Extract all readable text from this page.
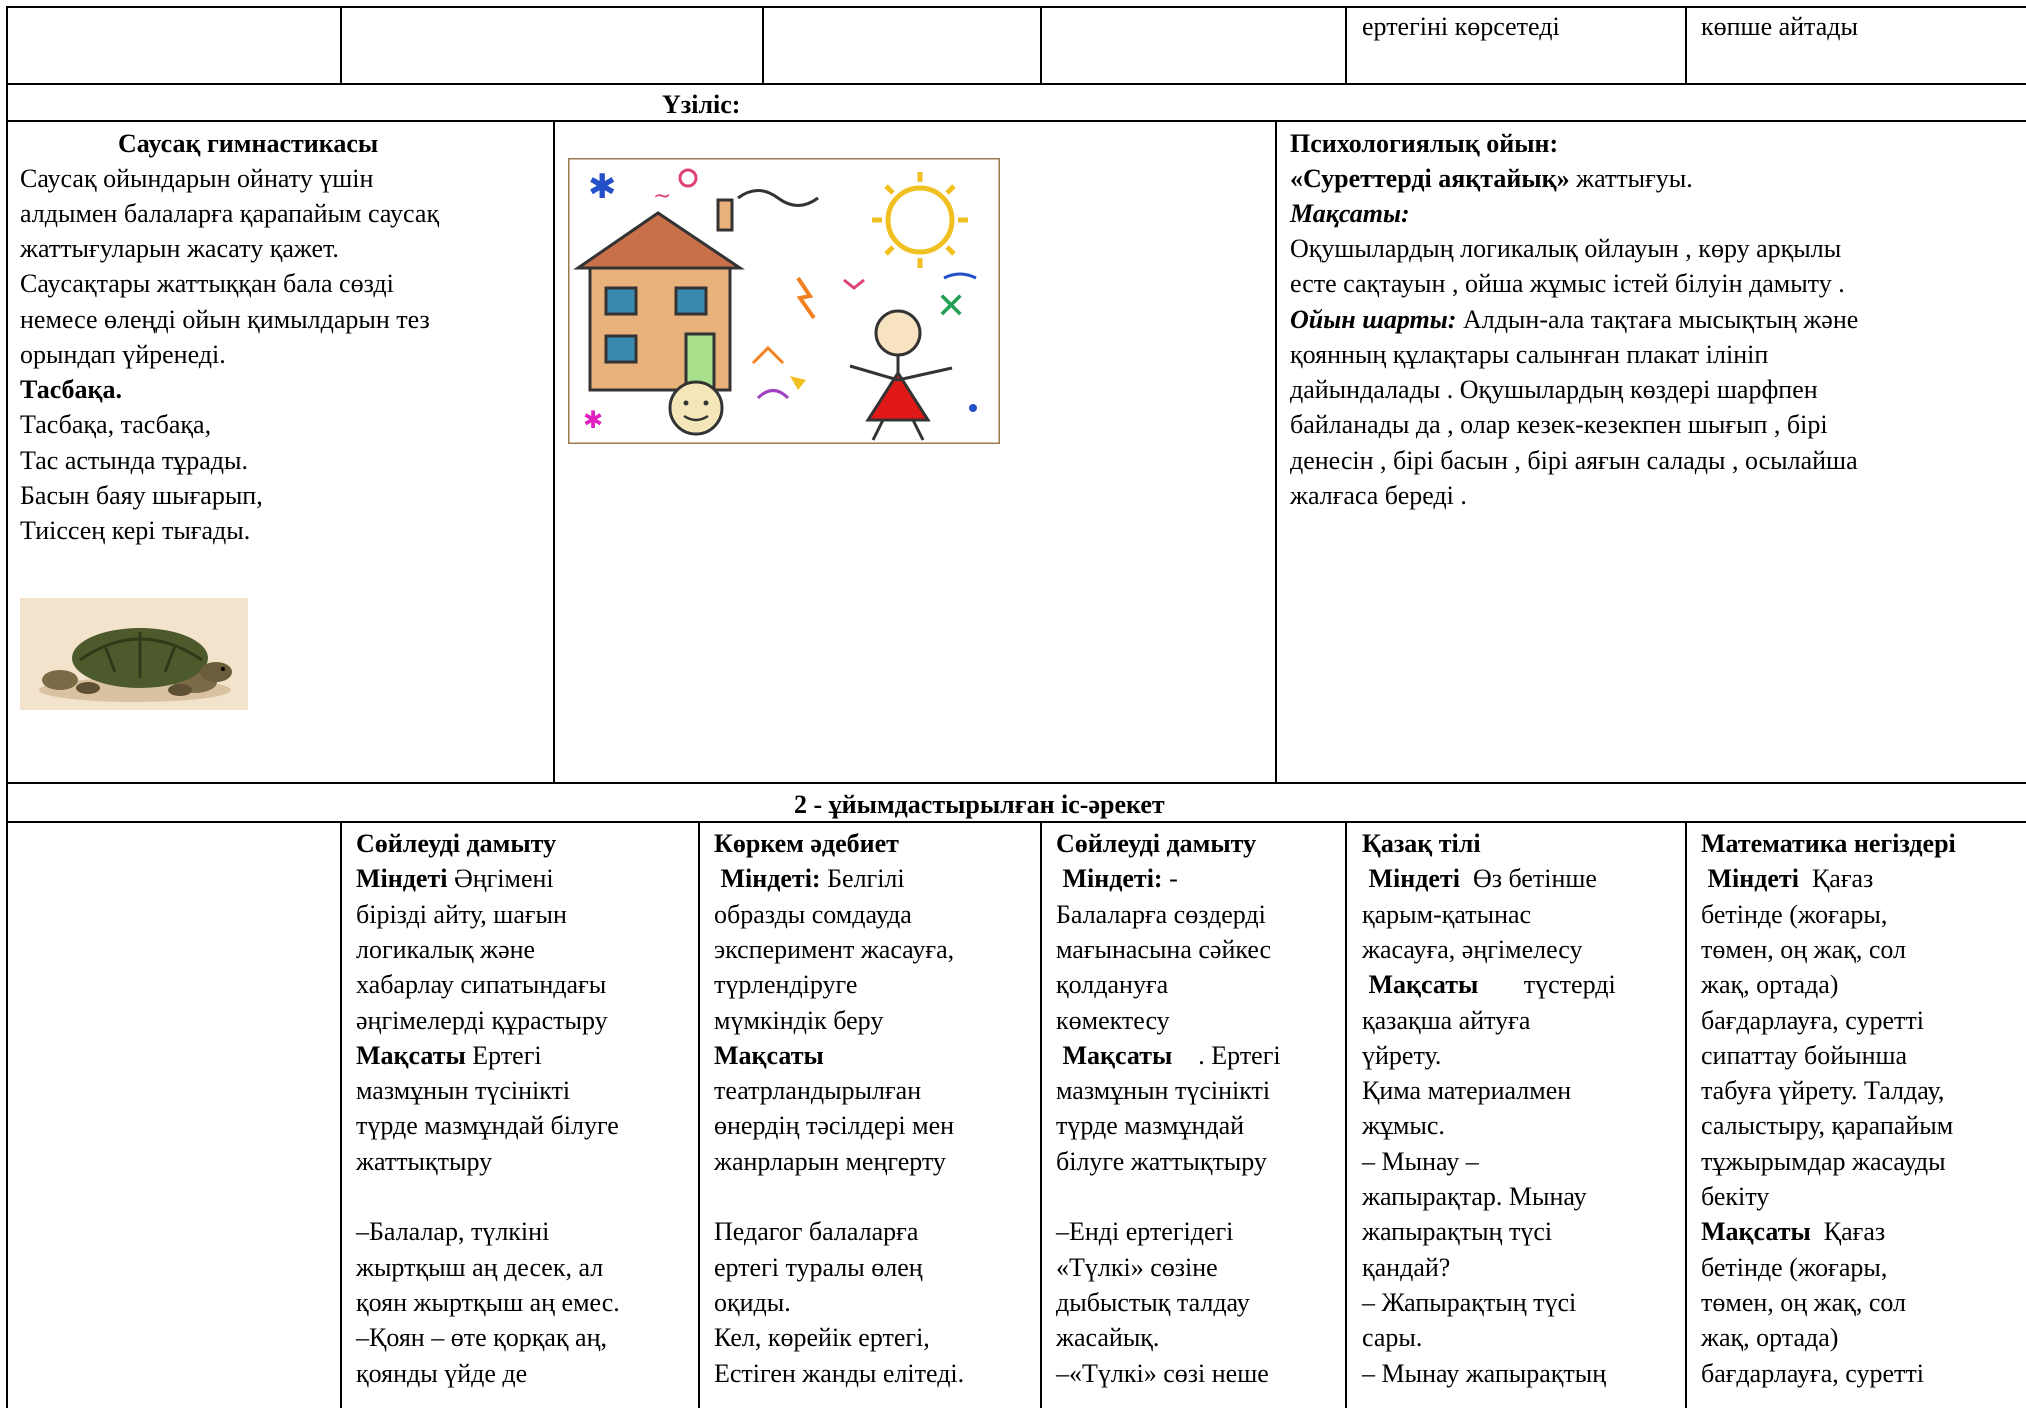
ертегіні көрсетеді	көпше айтады
Үзіліс:
Саусақ гимнастикасы
Саусақ ойындарын ойнату үшін
алдымен балаларға қарапайым саусақ
жаттығуларын жасату қажет.
Саусақтары жаттыққан бала сөзді
немесе өлеңді ойын қимылдарын тез
орындап үйренеді.
Тасбақа.
Тасбақа, тасбақа,
Тас астында тұрады.
Басын баяу шығарып,
Тиіссең кері тығады.
✱ ~
✕
✱
Психологиялық ойын:
«Суреттерді аяқтайық» жаттығуы.
Мақсаты:
Оқушылардың логикалық ойлауын , көру арқылы
есте сақтауын , ойша жұмыс істей білуін дамыту .
Ойын шарты: Алдын-ала тақтаға мысықтың және
қоянның құлақтары салынған плакат ілініп
дайындалады . Оқушылардың көздері шарфпен
байланады да , олар кезек-кезекпен шығып , бірі
денесін , бірі басын , бірі аяғын салады , осылайша
жалғаса береді .
2 - ұйымдастырылған іс-әрекет
Сөйлеуді дамыту
Міндеті Әңгімені
бірізді айту, шағын
логикалық және
хабарлау сипатындағы
әңгімелерді құрастыру
Мақсаты Ертегі
мазмұнын түсінікті
түрде мазмұндай білуге
жаттықтыру
–Балалар, түлкіні
жыртқыш аң десек, ал
қоян жыртқыш аң емес.
–Қоян – өте қорқақ аң,
қоянды үйде де
Көркем әдебиет
Міндеті: Белгілі
образды сомдауда
эксперимент жасауға,
түрлендіруге
мүмкіндік беру
Мақсаты
театрландырылған
өнердің тәсілдері мен
жанрларын меңгерту
Педагог балаларға
ертегі туралы өлең
оқиды.
Кел, көрейік ертегі,
Естіген жанды елітеді.
Сөйлеуді дамыту
Міндеті: -
Балаларға сөздерді
мағынасына сәйкес
қолдануға
көмектесу
Мақсаты    . Ертегі
мазмұнын түсінікті
түрде мазмұндай
білуге жаттықтыру
–Енді ертегідегі
«Түлкі» сөзіне
дыбыстық талдау
жасайық.
–«Түлкі» сөзі неше
Қазақ тілі
Міндеті  Өз бетінше
қарым-қатынас
жасауға, әңгімелесу
Мақсаты       түстерді
қазақша айтуға
үйрету.
Қима материалмен
жұмыс.
– Мынау –
жапырақтар. Мынау
жапырақтың түсі
қандай?
– Жапырақтың түсі
сары.
– Мынау жапырақтың
Математика негіздері
Міндеті  Қағаз
бетінде (жоғары,
төмен, оң жақ, сол
жақ, ортада)
бағдарлауға, суретті
сипаттау бойынша
табуға үйрету. Талдау,
салыстыру, қарапайым
тұжырымдар жасауды
бекіту
Мақсаты  Қағаз
бетінде (жоғары,
төмен, оң жақ, сол
жақ, ортада)
бағдарлауға, суретті
